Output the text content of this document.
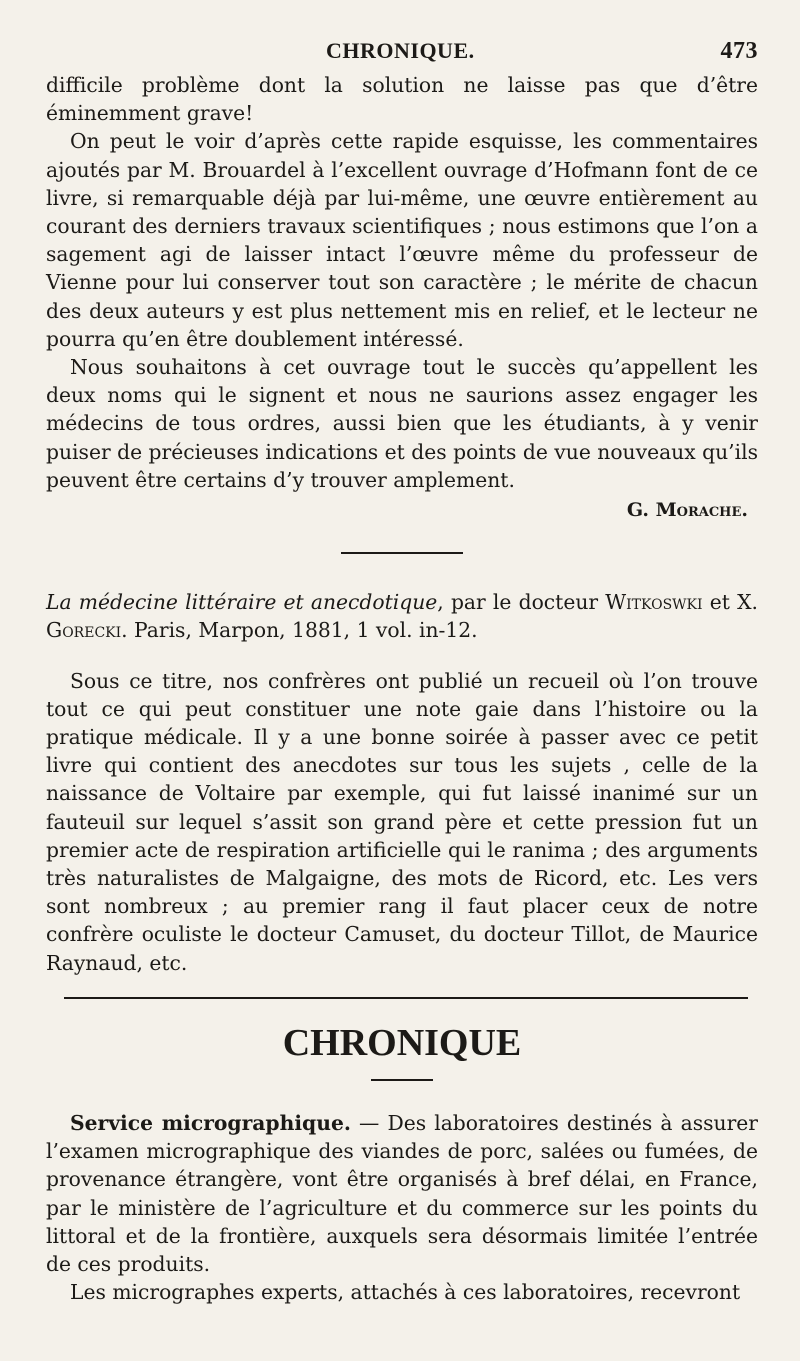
CHRONIQUE.	473

difficile problème dont la solution ne laisse pas que d’être éminemment grave!

On peut le voir d’après cette rapide esquisse, les commentaires ajoutés par M. Brouardel à l’excellent ouvrage d’Hofmann font de ce livre, si remarquable déjà par lui-même, une œuvre entièrement au courant des derniers travaux scientifiques ; nous estimons que l’on a sagement agi de laisser intact l’œuvre même du professeur de Vienne pour lui conserver tout son caractère ; le mérite de chacun des deux auteurs y est plus nettement mis en relief, et le lecteur ne pourra qu’en être doublement intéressé.

Nous souhaitons à cet ouvrage tout le succès qu’appellent les deux noms qui le signent et nous ne saurions assez engager les médecins de tous ordres, aussi bien que les étudiants, à y venir puiser de précieuses indications et des points de vue nouveaux qu’ils peuvent être certains d’y trouver amplement.

G. Morache.

La médecine littéraire et anecdotique, par le docteur Witkoswki et X. Gorecki. Paris, Marpon, 1881, 1 vol. in-12.

Sous ce titre, nos confrères ont publié un recueil où l’on trouve tout ce qui peut constituer une note gaie dans l’histoire ou la pratique médicale. Il y a une bonne soirée à passer avec ce petit livre qui contient des anecdotes sur tous les sujets , celle de la naissance de Voltaire par exemple, qui fut laissé inanimé sur un fauteuil sur lequel s’assit son grand père et cette pression fut un premier acte de respiration artificielle qui le ranima ; des arguments très naturalistes de Malgaigne, des mots de Ricord, etc. Les vers sont nombreux ; au premier rang il faut placer ceux de notre confrère oculiste le docteur Camuset, du docteur Tillot, de Maurice Raynaud, etc.

CHRONIQUE

Service micrographique. — Des laboratoires destinés à assurer l’examen micrographique des viandes de porc, salées ou fumées, de provenance étrangère, vont être organisés à bref délai, en France, par le ministère de l’agriculture et du commerce sur les points du littoral et de la frontière, auxquels sera désormais limitée l’entrée de ces produits.

Les micrographes experts, attachés à ces laboratoires, recevront
